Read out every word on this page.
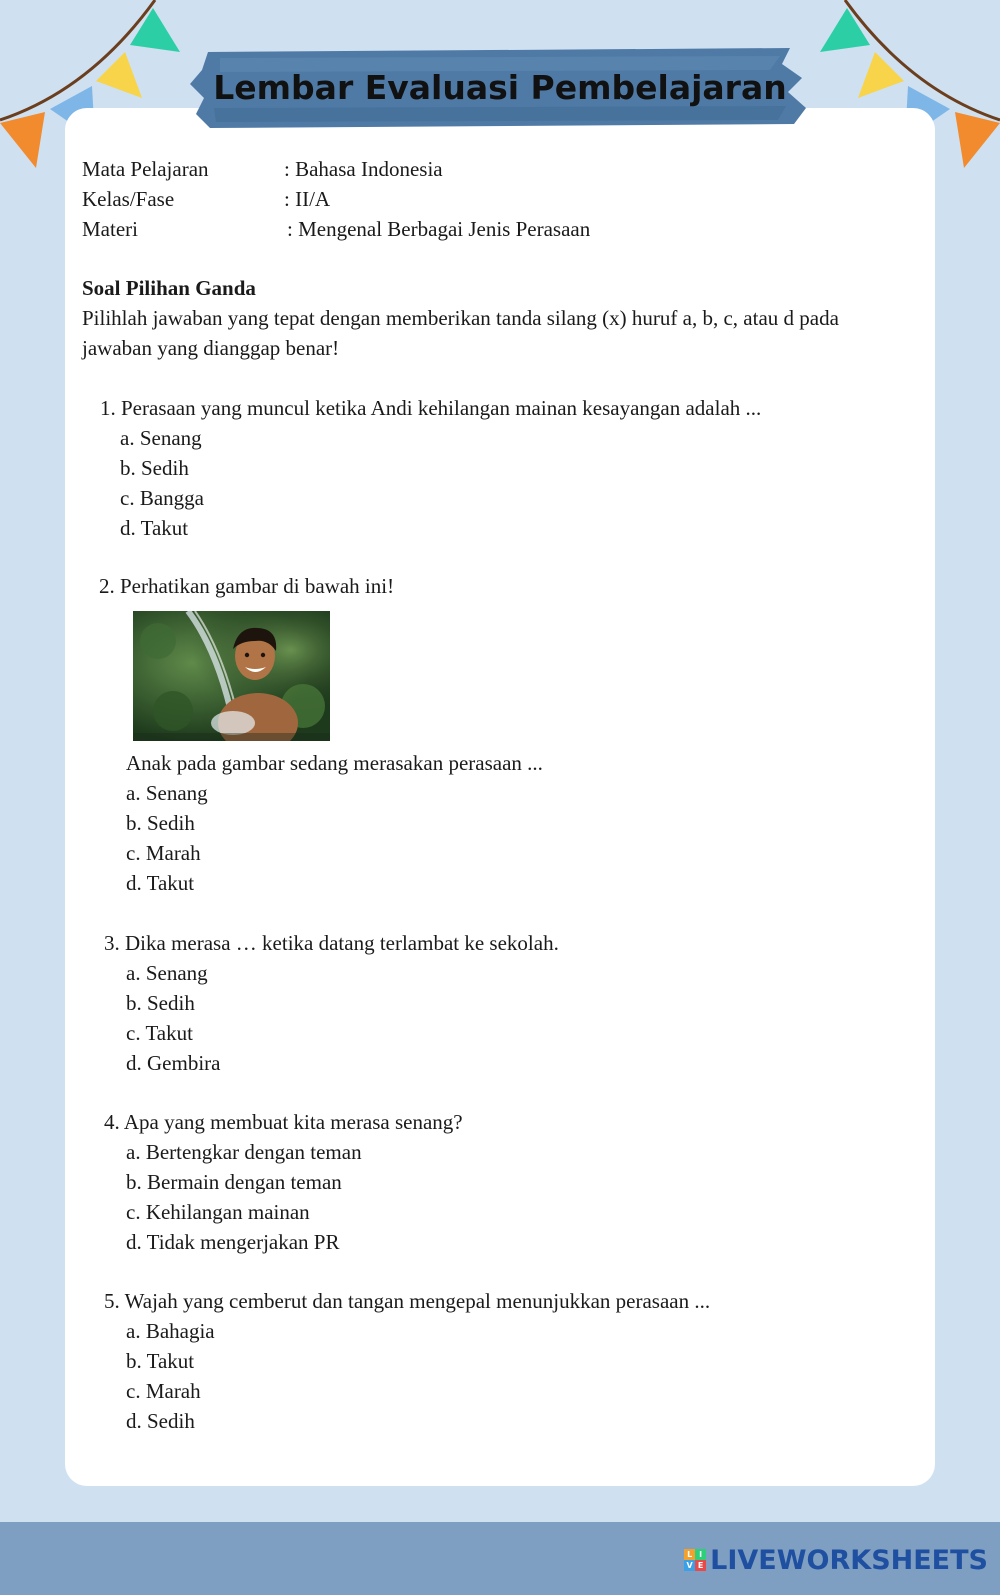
Lembar Evaluasi Pembelajaran
Mata Pelajaran	: Bahasa Indonesia
Kelas/Fase	: II/A
Materi	: Mengenal Berbagai Jenis Perasaan
Soal Pilihan Ganda
Pilihlah jawaban yang tepat dengan memberikan tanda silang (x) huruf a, b, c, atau d pada
jawaban yang dianggap benar!
1. Perasaan yang muncul ketika Andi kehilangan mainan kesayangan adalah ...
a. Senang
b. Sedih
c. Bangga
d. Takut
2. Perhatikan gambar di bawah ini!
Anak pada gambar sedang merasakan perasaan ...
a. Senang
b. Sedih
c. Marah
d. Takut
3. Dika merasa … ketika datang terlambat ke sekolah.
a. Senang
b. Sedih
c. Takut
d. Gembira
4. Apa yang membuat kita merasa senang?
a. Bertengkar dengan teman
b. Bermain dengan teman
c. Kehilangan mainan
d. Tidak mengerjakan PR
5. Wajah yang cemberut dan tangan mengepal menunjukkan perasaan ...
a. Bahagia
b. Takut
c. Marah
d. Sedih
L I
V E LIVEWORKSHEETS
